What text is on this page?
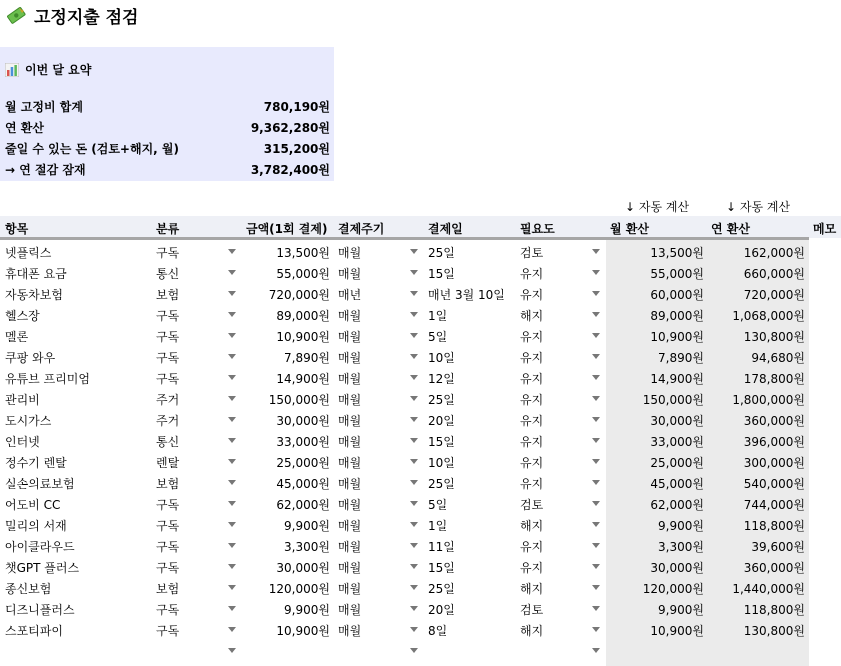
고정지출 점검
이번 달 요약
월 고정비 합계	780,190원
연 환산	9,362,280원
줄일 수 있는 돈 (검토+해지, 월)	315,200원
→ 연 절감 잠재	3,782,400원
↓ 자동 계산	↓ 자동 계산
항목	분류	금액(1회 결제) 결제주기	결제일	필요도	월 환산	연 환산	메모
넷플릭스	구독	13,500원 매월	25일	검토	13,500원	162,000원
휴대폰 요금	통신	55,000원 매월	15일	유지	55,000원	660,000원
자동차보험	보험	720,000원 매년	매년 3월 10일 유지	60,000원	720,000원
헬스장	구독	89,000원 매월	1일	해지	89,000원 1,068,000원
멜론	구독	10,900원 매월	5일	유지	10,900원	130,800원
쿠팡 와우	구독	7,890원 매월	10일	유지	7,890원	94,680원
유튜브 프리미엄	구독	14,900원 매월	12일	유지	14,900원	178,800원
관리비	주거	150,000원 매월	25일	유지	150,000원 1,800,000원
도시가스	주거	30,000원 매월	20일	유지	30,000원	360,000원
인터넷	통신	33,000원 매월	15일	유지	33,000원	396,000원
정수기 렌탈	렌탈	25,000원 매월	10일	유지	25,000원	300,000원
실손의료보험	보험	45,000원 매월	25일	유지	45,000원	540,000원
어도비 CC	구독	62,000원 매월	5일	검토	62,000원	744,000원
밀리의 서재	구독	9,900원 매월	1일	해지	9,900원	118,800원
아이클라우드	구독	3,300원 매월	11일	유지	3,300원	39,600원
챗GPT 플러스	구독	30,000원 매월	15일	유지	30,000원	360,000원
종신보험	보험	120,000원 매월	25일	해지	120,000원 1,440,000원
디즈니플러스	구독	9,900원 매월	20일	검토	9,900원	118,800원
스포티파이	구독	10,900원 매월	8일	해지	10,900원	130,800원
